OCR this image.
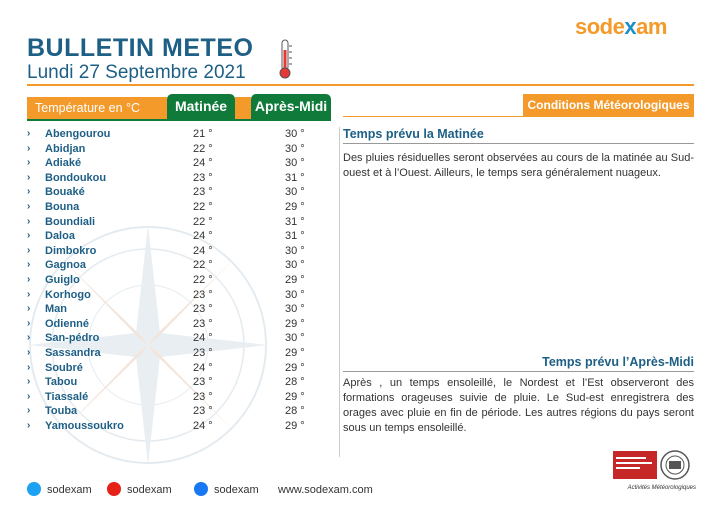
sodexam
BULLETIN METEO
Lundi 27 Septembre 2021
Température en °C	Matinée	Après-Midi
› Abengourou	21 °	30 °
› Abidjan	22 °	30 °
› Adiaké	24 °	30 °
› Bondoukou	23 °	31 °
› Bouaké	23 °	30 °
› Bouna	22 °	29 °
› Boundiali	22 °	31 °
› Daloa	24 °	31 °
› Dimbokro	24 °	30 °
› Gagnoa	22 °	30 °
› Guiglo	22 °	29 °
› Korhogo	23 °	30 °
› Man	23 °	30 °
› Odienné	23 °	29 °
› San-pédro	24 °	30 °
› Sassandra	23 °	29 °
› Soubré	24 °	29 °
› Tabou	23 °	28 °
› Tiassalé	23 °	29 °
› Touba	23 °	28 °
› Yamoussoukro	24 °	29 °
Conditions Météorologiques
Temps prévu la Matinée
Des pluies résiduelles seront observées au cours de la matinée au Sud-ouest et à l’Ouest. Ailleurs, le temps sera généralement nuageux.
Temps prévu l’Après-Midi
Après , un temps ensoleillé, le Nordest et l’Est observeront des formations orageuses suivie de pluie. Le Sud-est enregistrera des orages avec pluie en fin de période. Les autres régions du pays seront sous un temps ensoleillé.
sodexam	sodexam	sodexam www.sodexam.com	Activités Météorologiques
